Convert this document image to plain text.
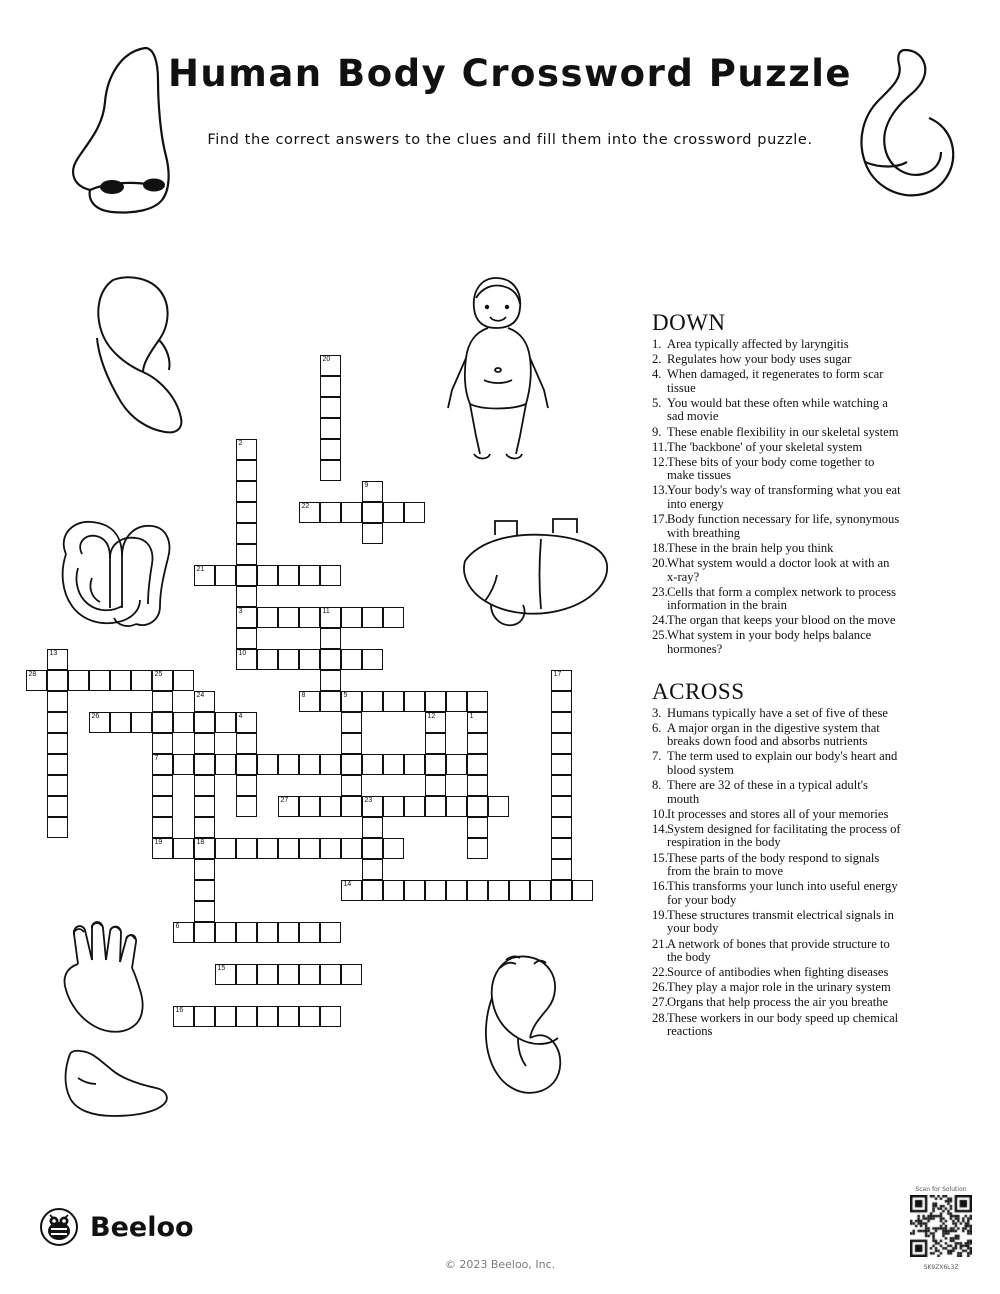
Human Body Crossword Puzzle
Find the correct answers to the clues and fill them into the crossword puzzle.
20
2
3
10
9
22
21
11
13
28	25
7
19
17
24	8	5
26	4	12	1
27	23
18
14
6
15
16
DOWN
1. Area typically affected by laryngitis
2. Regulates how your body uses sugar
4. When damaged, it regenerates to form scar tissue
5. You would bat these often while watching a sad movie
9. These enable flexibility in our skeletal system
11.The 'backbone' of your skeletal system
12.These bits of your body come together to make tissues
13.Your body's way of transforming what you eat into energy
17.Body function necessary for life, synonymous with breathing
18.These in the brain help you think
20.What system would a doctor look at with an x-ray?
23.Cells that form a complex network to process information in the brain
24.The organ that keeps your blood on the move
25.What system in your body helps balance hormones?
ACROSS
3. Humans typically have a set of five of these
6. A major organ in the digestive system that breaks down food and absorbs nutrients
7. The term used to explain our body's heart and blood system
8. There are 32 of these in a typical adult's mouth
10.It processes and stores all of your memories
14.System designed for facilitating the process of respiration in the body
15.These parts of the body respond to signals from the brain to move
16.This transforms your lunch into useful energy for your body
19.These structures transmit electrical signals in your body
21.A network of bones that provide structure to the body
22.Source of antibodies when fighting diseases
26.They play a major role in the urinary system
27.Organs that help process the air you breathe
28.These workers in our body speed up chemical reactions
Beeloo
© 2023 Beeloo, Inc.
Scan for Solution
SK9ZX6L3Z
